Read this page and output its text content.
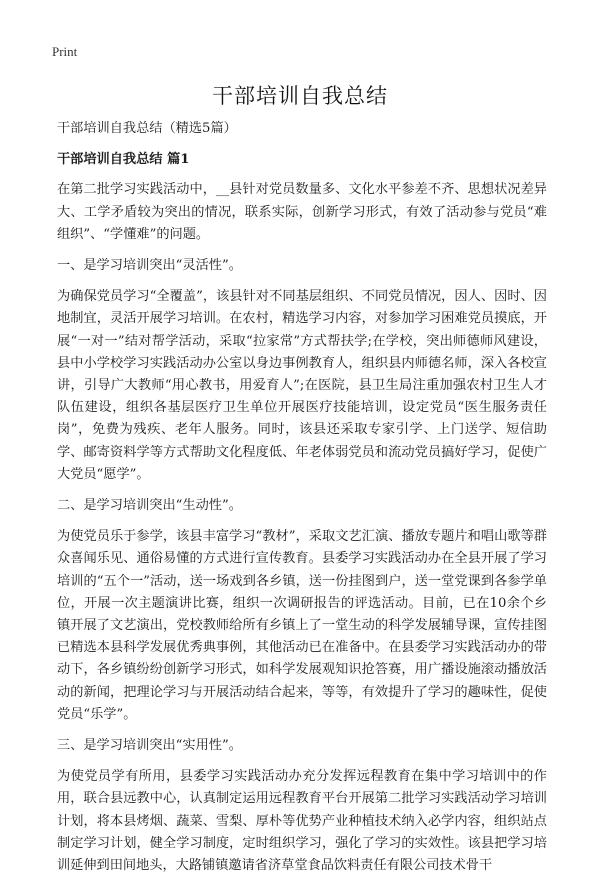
Print
干部培训自我总结

干部培训自我总结（精选5篇）

干部培训自我总结 篇1

在第二批学习实践活动中，__县针对党员数量多、文化水平参差不齐、思想状况差异大、工学矛盾较为突出的情况，联系实际，创新学习形式，有效了活动参与党员“难组织”、“学懂难”的问题。

一、是学习培训突出“灵活性”。

为确保党员学习“全覆盖”，该县针对不同基层组织、不同党员情况，因人、因时、因地制宜，灵活开展学习培训。在农村，精选学习内容，对参加学习困难党员摸底，开展“一对一”结对帮学活动，采取“拉家常”方式帮扶学;在学校，突出师德师风建设，县中小学校学习实践活动办公室以身边事例教育人，组织县内师德名师，深入各校宣讲，引导广大教师“用心教书，用爱育人”;在医院，县卫生局注重加强农村卫生人才队伍建设，组织各基层医疗卫生单位开展医疗技能培训，设定党员“医生服务责任岗”，免费为残疾、老年人服务。同时，该县还采取专家引学、上门送学、短信助学、邮寄资料学等方式帮助文化程度低、年老体弱党员和流动党员搞好学习，促使广大党员“愿学”。

二、是学习培训突出“生动性”。

为使党员乐于参学，该县丰富学习“教材”，采取文艺汇演、播放专题片和唱山歌等群众喜闻乐见、通俗易懂的方式进行宣传教育。县委学习实践活动办在全县开展了学习培训的“五个一”活动，送一场戏到各乡镇，送一份挂图到户，送一堂党课到各参学单位，开展一次主题演讲比赛，组织一次调研报告的评选活动。目前，已在10余个乡镇开展了文艺演出，党校教师给所有乡镇上了一堂生动的科学发展辅导课，宣传挂图已精选本县科学发展优秀典事例，其他活动已在准备中。在县委学习实践活动办的带动下，各乡镇纷纷创新学习形式，如科学发展观知识抢答赛，用广播设施滚动播放活动的新闻，把理论学习与开展活动结合起来，等等，有效提升了学习的趣味性，促使党员“乐学”。

三、是学习培训突出“实用性”。

为使党员学有所用，县委学习实践活动办充分发挥远程教育在集中学习培训中的作用，联合县远教中心，认真制定运用远程教育平台开展第二批学习实践活动学习培训计划，将本县烤烟、蔬菜、雪梨、厚朴等优势产业种植技术纳入必学内容，组织站点制定学习计划，健全学习制度，定时组织学习，强化了学习的实效性。该县把学习培训延伸到田间地头，大路铺镇邀请省济草堂食品饮料责任有限公司技术骨干
